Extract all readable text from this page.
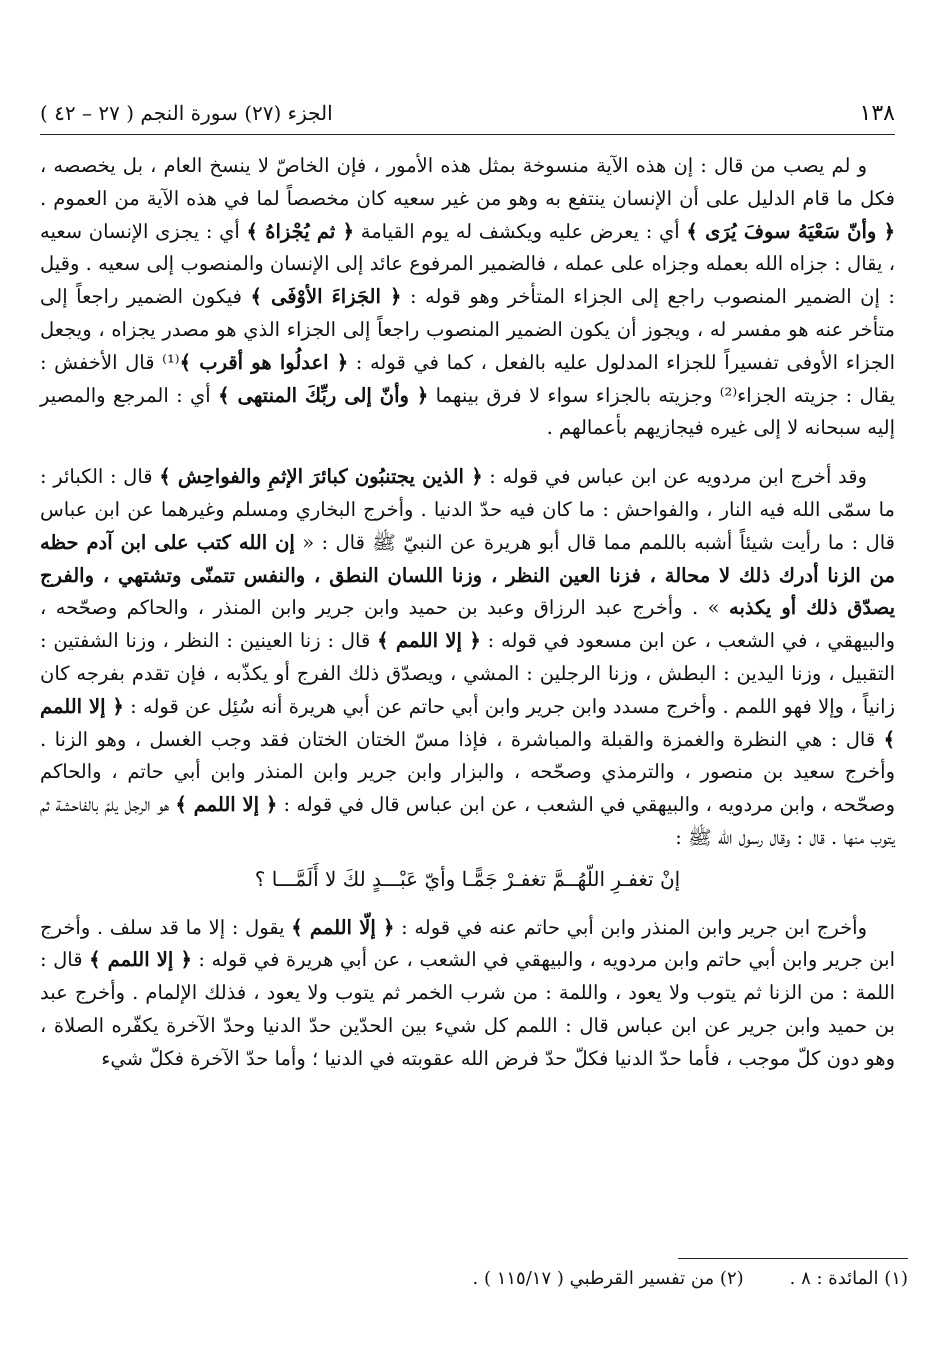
١٣٨
الجزء (٢٧) سورة النجم ( ٢٧ – ٤٢ )

و لم يصب من قال : إن هذه الآية منسوخة بمثل هذه الأمور ، فإن الخاصّ لا ينسخ العام ، بل يخصصه ، فكل ما قام الدليل على أن الإنسان ينتفع به وهو من غير سعيه كان مخصصاً لما في هذه الآية من العموم . ﴿ وأنّ سَعْيَهُ سوفَ يُرَى ﴾ أي : يعرض عليه ويكشف له يوم القيامة ﴿ ثم يُجْزاهُ ﴾ أي : يجزى الإنسان سعيه ، يقال : جزاه الله بعمله وجزاه على عمله ، فالضمير المرفوع عائد إلى الإنسان والمنصوب إلى سعيه . وقيل : إن الضمير المنصوب راجع إلى الجزاء المتأخر وهو قوله : ﴿ الجَزاءَ الأوْفَى ﴾ فيكون الضمير راجعاً إلى متأخر عنه هو مفسر له ، ويجوز أن يكون الضمير المنصوب راجعاً إلى الجزاء الذي هو مصدر يجزاه ، ويجعل الجزاء الأوفى تفسيراً للجزاء المدلول عليه بالفعل ، كما في قوله : ﴿ اعدلُوا هو أقرب ﴾⁽¹⁾ قال الأخفش : يقال : جزيته الجزاء⁽²⁾ وجزيته بالجزاء سواء لا فرق بينهما ﴿ وأنّ إلى ربِّكَ المنتهى ﴾ أي : المرجع والمصير إليه سبحانه لا إلى غيره فيجازيهم بأعمالهم .

وقد أخرج ابن مردويه عن ابن عباس في قوله : ﴿ الذين يجتنبُون كبائرَ الإثمِ والفواحِش ﴾ قال : الكبائر : ما سمّى الله فيه النار ، والفواحش : ما كان فيه حدّ الدنيا . وأخرج البخاري ومسلم وغيرهما عن ابن عباس قال : ما رأيت شيئاً أشبه باللمم مما قال أبو هريرة عن النبيّ ﷺ قال : « إن الله كتب على ابن آدم حظه من الزنا أدرك ذلك لا محالة ، فزنا العين النظر ، وزنا اللسان النطق ، والنفس تتمنّى وتشتهي ، والفرج يصدّق ذلك أو يكذبه » . وأخرج عبد الرزاق وعبد بن حميد وابن جرير وابن المنذر ، والحاكم وصحّحه ، والبيهقي ، في الشعب ، عن ابن مسعود في قوله : ﴿ إلا اللمم ﴾ قال : زنا العينين : النظر ، وزنا الشفتين : التقبيل ، وزنا اليدين : البطش ، وزنا الرجلين : المشي ، ويصدّق ذلك الفرج أو يكذّبه ، فإن تقدم بفرجه كان زانياً ، وإلا فهو اللمم . وأخرج مسدد وابن جرير وابن أبي حاتم عن أبي هريرة أنه سُئِل عن قوله : ﴿ إلا اللمم ﴾ قال : هي النظرة والغمزة والقبلة والمباشرة ، فإذا مسّ الختان الختان فقد وجب الغسل ، وهو الزنا . وأخرج سعيد بن منصور ، والترمذي وصحّحه ، والبزار وابن جرير وابن المنذر وابن أبي حاتم ، والحاكم وصحّحه ، وابن مردويه ، والبيهقي في الشعب ، عن ابن عباس قال في قوله : ﴿ إلا اللمم ﴾ هو الرجل يلمّ بالفاحشة ثم يتوب منها . قال : وقال رسول الله ﷺ :

إنْ تغفـرِ اللّهُــمَّ تغفـرْ جَمًّـا وأيّ عَبْـــدٍ لكَ لا أَلَمَّـــا ؟

وأخرج ابن جرير وابن المنذر وابن أبي حاتم عنه في قوله : ﴿ إلّا اللمم ﴾ يقول : إلا ما قد سلف . وأخرج ابن جرير وابن أبي حاتم وابن مردويه ، والبيهقي في الشعب ، عن أبي هريرة في قوله : ﴿ إلا اللمم ﴾ قال : اللمة : من الزنا ثم يتوب ولا يعود ، واللمة : من شرب الخمر ثم يتوب ولا يعود ، فذلك الإلمام . وأخرج عبد بن حميد وابن جرير عن ابن عباس قال : اللمم كل شيء بين الحدّين حدّ الدنيا وحدّ الآخرة يكفّره الصلاة ، وهو دون كلّ موجب ، فأما حدّ الدنيا فكلّ حدّ فرض الله عقوبته في الدنيا ؛ وأما حدّ الآخرة فكلّ شيء

(١) المائدة : ٨ .
(٢) من تفسير القرطبي ( ١١٥/١٧ ) .
